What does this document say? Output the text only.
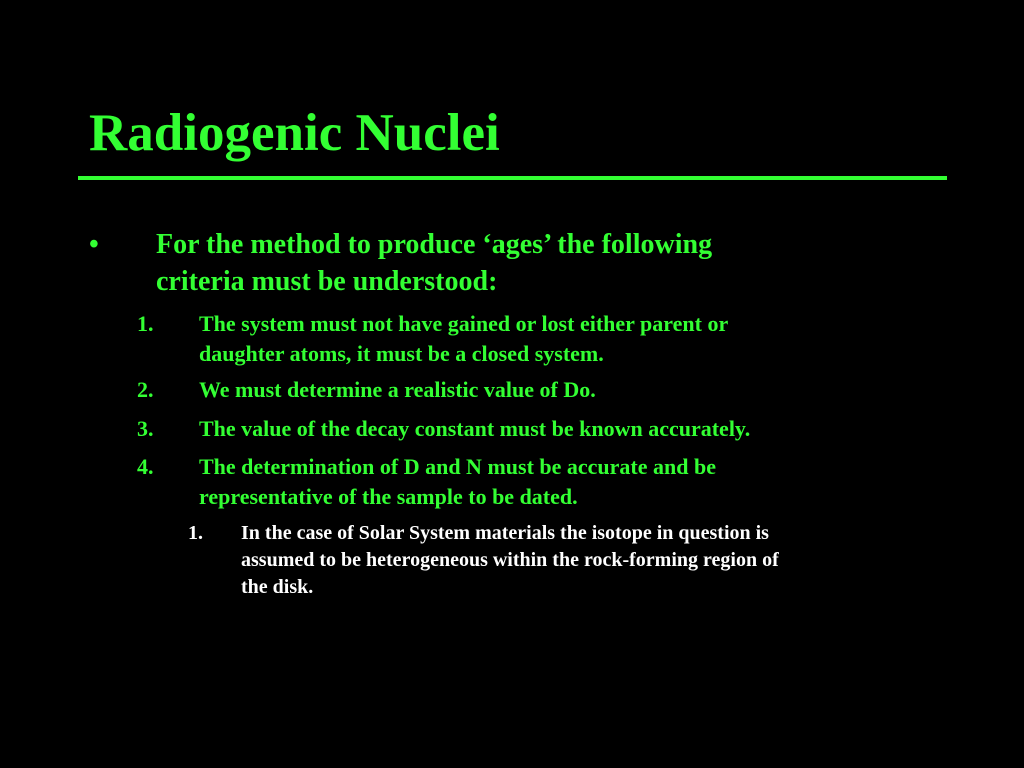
Radiogenic Nuclei
• For the method to produce ‘ages’ the following
criteria must be understood:
1. The system must not have gained or lost either parent or
daughter atoms, it must be a closed system.
2. We must determine a realistic value of Do.
3. The value of the decay constant must be known accurately.
4. The determination of D and N must be accurate and be
representative of the sample to be dated.
1. In the case of Solar System materials the isotope in question is
assumed to be heterogeneous within the rock-forming region of
the disk.
